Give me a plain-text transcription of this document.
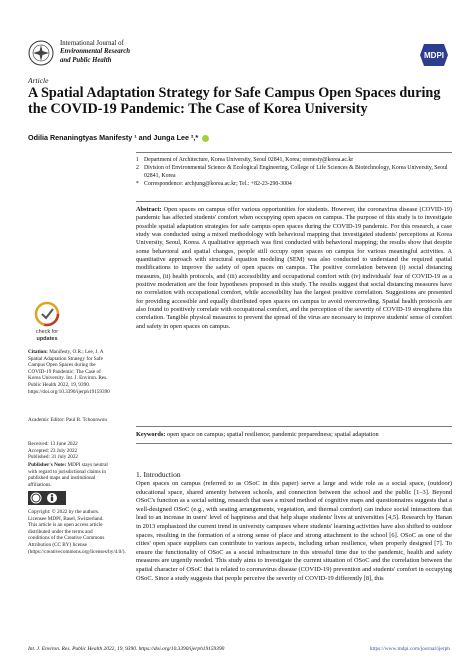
International Journal of
Environmental Research
and Public Health
MDPI
Article
A Spatial Adaptation Strategy for Safe Campus Open Spaces during the COVID-19 Pandemic: The Case of Korea University
Odilia Renaningtyas Manifesty ¹ and Junga Lee ²,*
1 Department of Architecture, Korea University, Seoul 02841, Korea; orenesty@korea.ac.kr
2 Division of Environmental Science & Ecological Engineering, College of Life Sciences & Biotechnology, Korea University, Seoul 02841, Korea
* Correspondence: archjung@korea.ac.kr; Tel.: +82-23-290-3004
Abstract: Open spaces on campus offer various opportunities for students. However, the coronavirus disease (COVID-19) pandemic has affected students' comfort when occupying open spaces on campus. The purpose of this study is to investigate possible spatial adaptation strategies for safe campus open spaces during the COVID-19 pandemic. For this research, a case study was conducted using a mixed methodology with behavioral mapping that investigated students' perceptions at Korea University, Seoul, Korea. A qualitative approach was first conducted with behavioral mapping; the results show that despite some behavioral and spatial changes, people still occupy open spaces on campus for various meaningful activities. A quantitative approach with structural equation modeling (SEM) was also conducted to understand the required spatial modifications to improve the safety of open spaces on campus. The positive correlation between (i) social distancing measures, (ii) health protocols, and (iii) accessibility and occupational comfort with (iv) individuals' fear of COVID-19 as a positive moderation are the four hypotheses proposed in this study. The results suggest that social distancing measures have no correlation with occupational comfort, while accessibility has the largest positive correlation. Suggestions are presented for providing accessible and equally distributed open spaces on campus to avoid overcrowding. Spatial health protocols are also found to positively correlate with occupational comfort, and the perception of the severity of COVID-19 strengthens this correlation. Tangible physical measures to prevent the spread of the virus are necessary to improve students' sense of comfort and safety in open spaces on campus.
Keywords: open space on campus; spatial resilience; pandemic preparedness; spatial adaptation
check for
updates
Citation: Manifesty, O.R.; Lee, J. A Spatial Adaptation Strategy for Safe Campus Open Spaces during the COVID-19 Pandemic: The Case of Korea University. Int. J. Environ. Res. Public Health 2022, 19, 9390. https://doi.org/10.3390/ijerph19159390
Academic Editor: Paul B. Tchounwou
Received: 13 June 2022
Accepted: 23 July 2022
Published: 31 July 2022
Publisher's Note: MDPI stays neutral with regard to jurisdictional claims in published maps and institutional affiliations.
Copyright: © 2022 by the authors. Licensee MDPI, Basel, Switzerland. This article is an open access article distributed under the terms and conditions of the Creative Commons Attribution (CC BY) license (https://creativecommons.org/licenses/by/4.0/).
1. Introduction
Open spaces on campus (referred to as OSoC in this paper) serve a large and wide role as a social space, (outdoor) educational space, shared amenity between schools, and connection between the school and the public [1–3]. Beyond OSoC's function as a social setting, research that uses a mixed method of cognitive maps and questionnaires suggests that a well-designed OSoC (e.g., with seating arrangements, vegetation, and thermal comfort) can induce social interactions that lead to an increase in users' level of happiness and that help shape students' lives at universities [4,5]. Research by Hanan in 2013 emphasized the current trend in university campuses where students' learning activities have also shifted to outdoor spaces, resulting in the formation of a strong sense of place and strong attachment to the school [6]. OSoC as one of the cities' open space suppliers can contribute to various aspects, including urban resilience, when properly designed [7]. To ensure the functionality of OSoC as a social infrastructure in this stressful time due to the pandemic, health and safety measures are urgently needed. This study aims to investigate the current situation of OSoC and the correlation between the spatial character of OSoC that is related to coronavirus disease (COVID-19) prevention and students' comfort in occupying OSoC. Since a study suggests that people perceive the severity of COVID-19 differently [8], this
Int. J. Environ. Res. Public Health 2022, 19, 9390. https://doi.org/10.3390/ijerph19159390	https://www.mdpi.com/journal/ijerph
